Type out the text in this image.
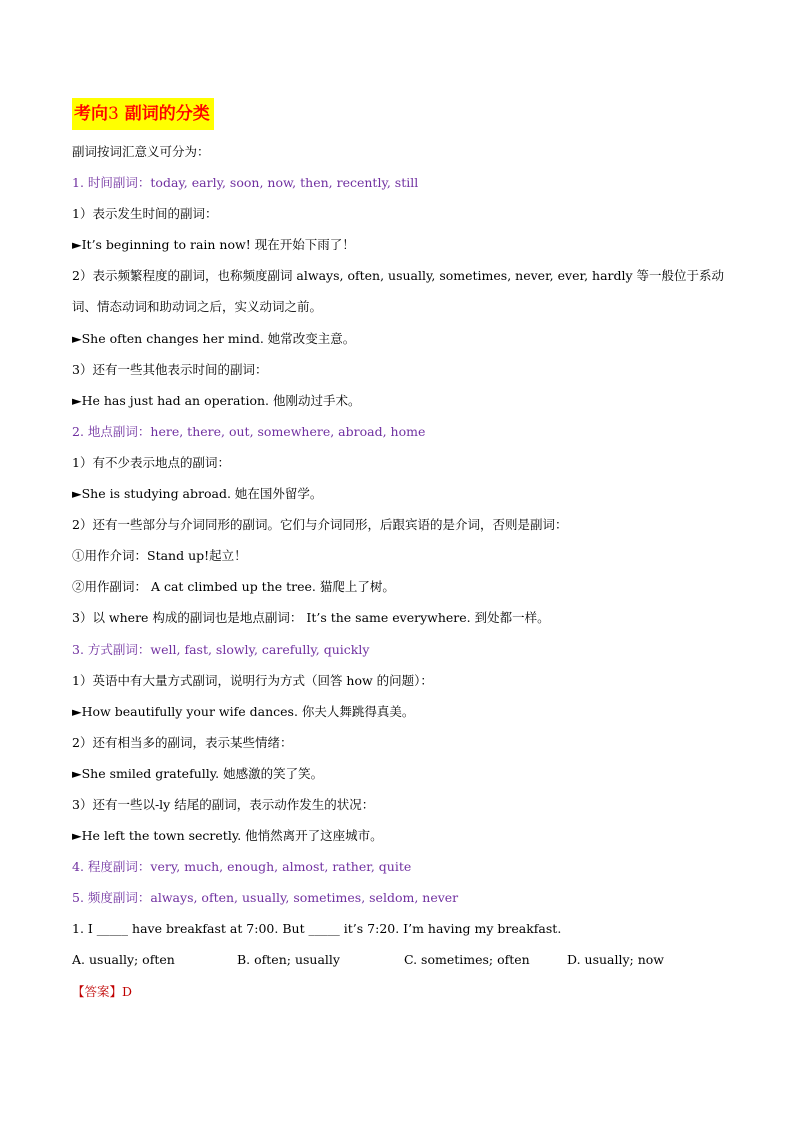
考向3 副词的分类
副词按词汇意义可分为：
1. 时间副词：today, early, soon, now, then, recently, still
1）表示发生时间的副词：
►It’s beginning to rain now! 现在开始下雨了！
2）表示频繁程度的副词，也称频度副词 always, often, usually, sometimes, never, ever, hardly 等一般位于系动
词、情态动词和助动词之后，实义动词之前。
►She often changes her mind. 她常改变主意。
3）还有一些其他表示时间的副词：
►He has just had an operation. 他刚动过手术。
2. 地点副词：here, there, out, somewhere, abroad, home
1）有不少表示地点的副词：
►She is studying abroad. 她在国外留学。
2）还有一些部分与介词同形的副词。它们与介词同形，后跟宾语的是介词，否则是副词：
①用作介词：Stand up!起立！
②用作副词： A cat climbed up the tree. 猫爬上了树。
3）以 where 构成的副词也是地点副词： It’s the same everywhere. 到处都一样。
3. 方式副词：well, fast, slowly, carefully, quickly
1）英语中有大量方式副词，说明行为方式（回答 how 的问题）：
►How beautifully your wife dances. 你夫人舞跳得真美。
2）还有相当多的副词，表示某些情绪：
►She smiled gratefully. 她感激的笑了笑。
3）还有一些以-ly 结尾的副词，表示动作发生的状况：
►He left the town secretly. 他悄然离开了这座城市。
4. 程度副词：very, much, enough, almost, rather, quite
5. 频度副词：always, often, usually, sometimes, seldom, never
1. I _____ have breakfast at 7:00. But _____ it’s 7:20. I’m having my breakfast.
A. usually; often	B. often; usually	C. sometimes; often	D. usually; now
【答案】D
